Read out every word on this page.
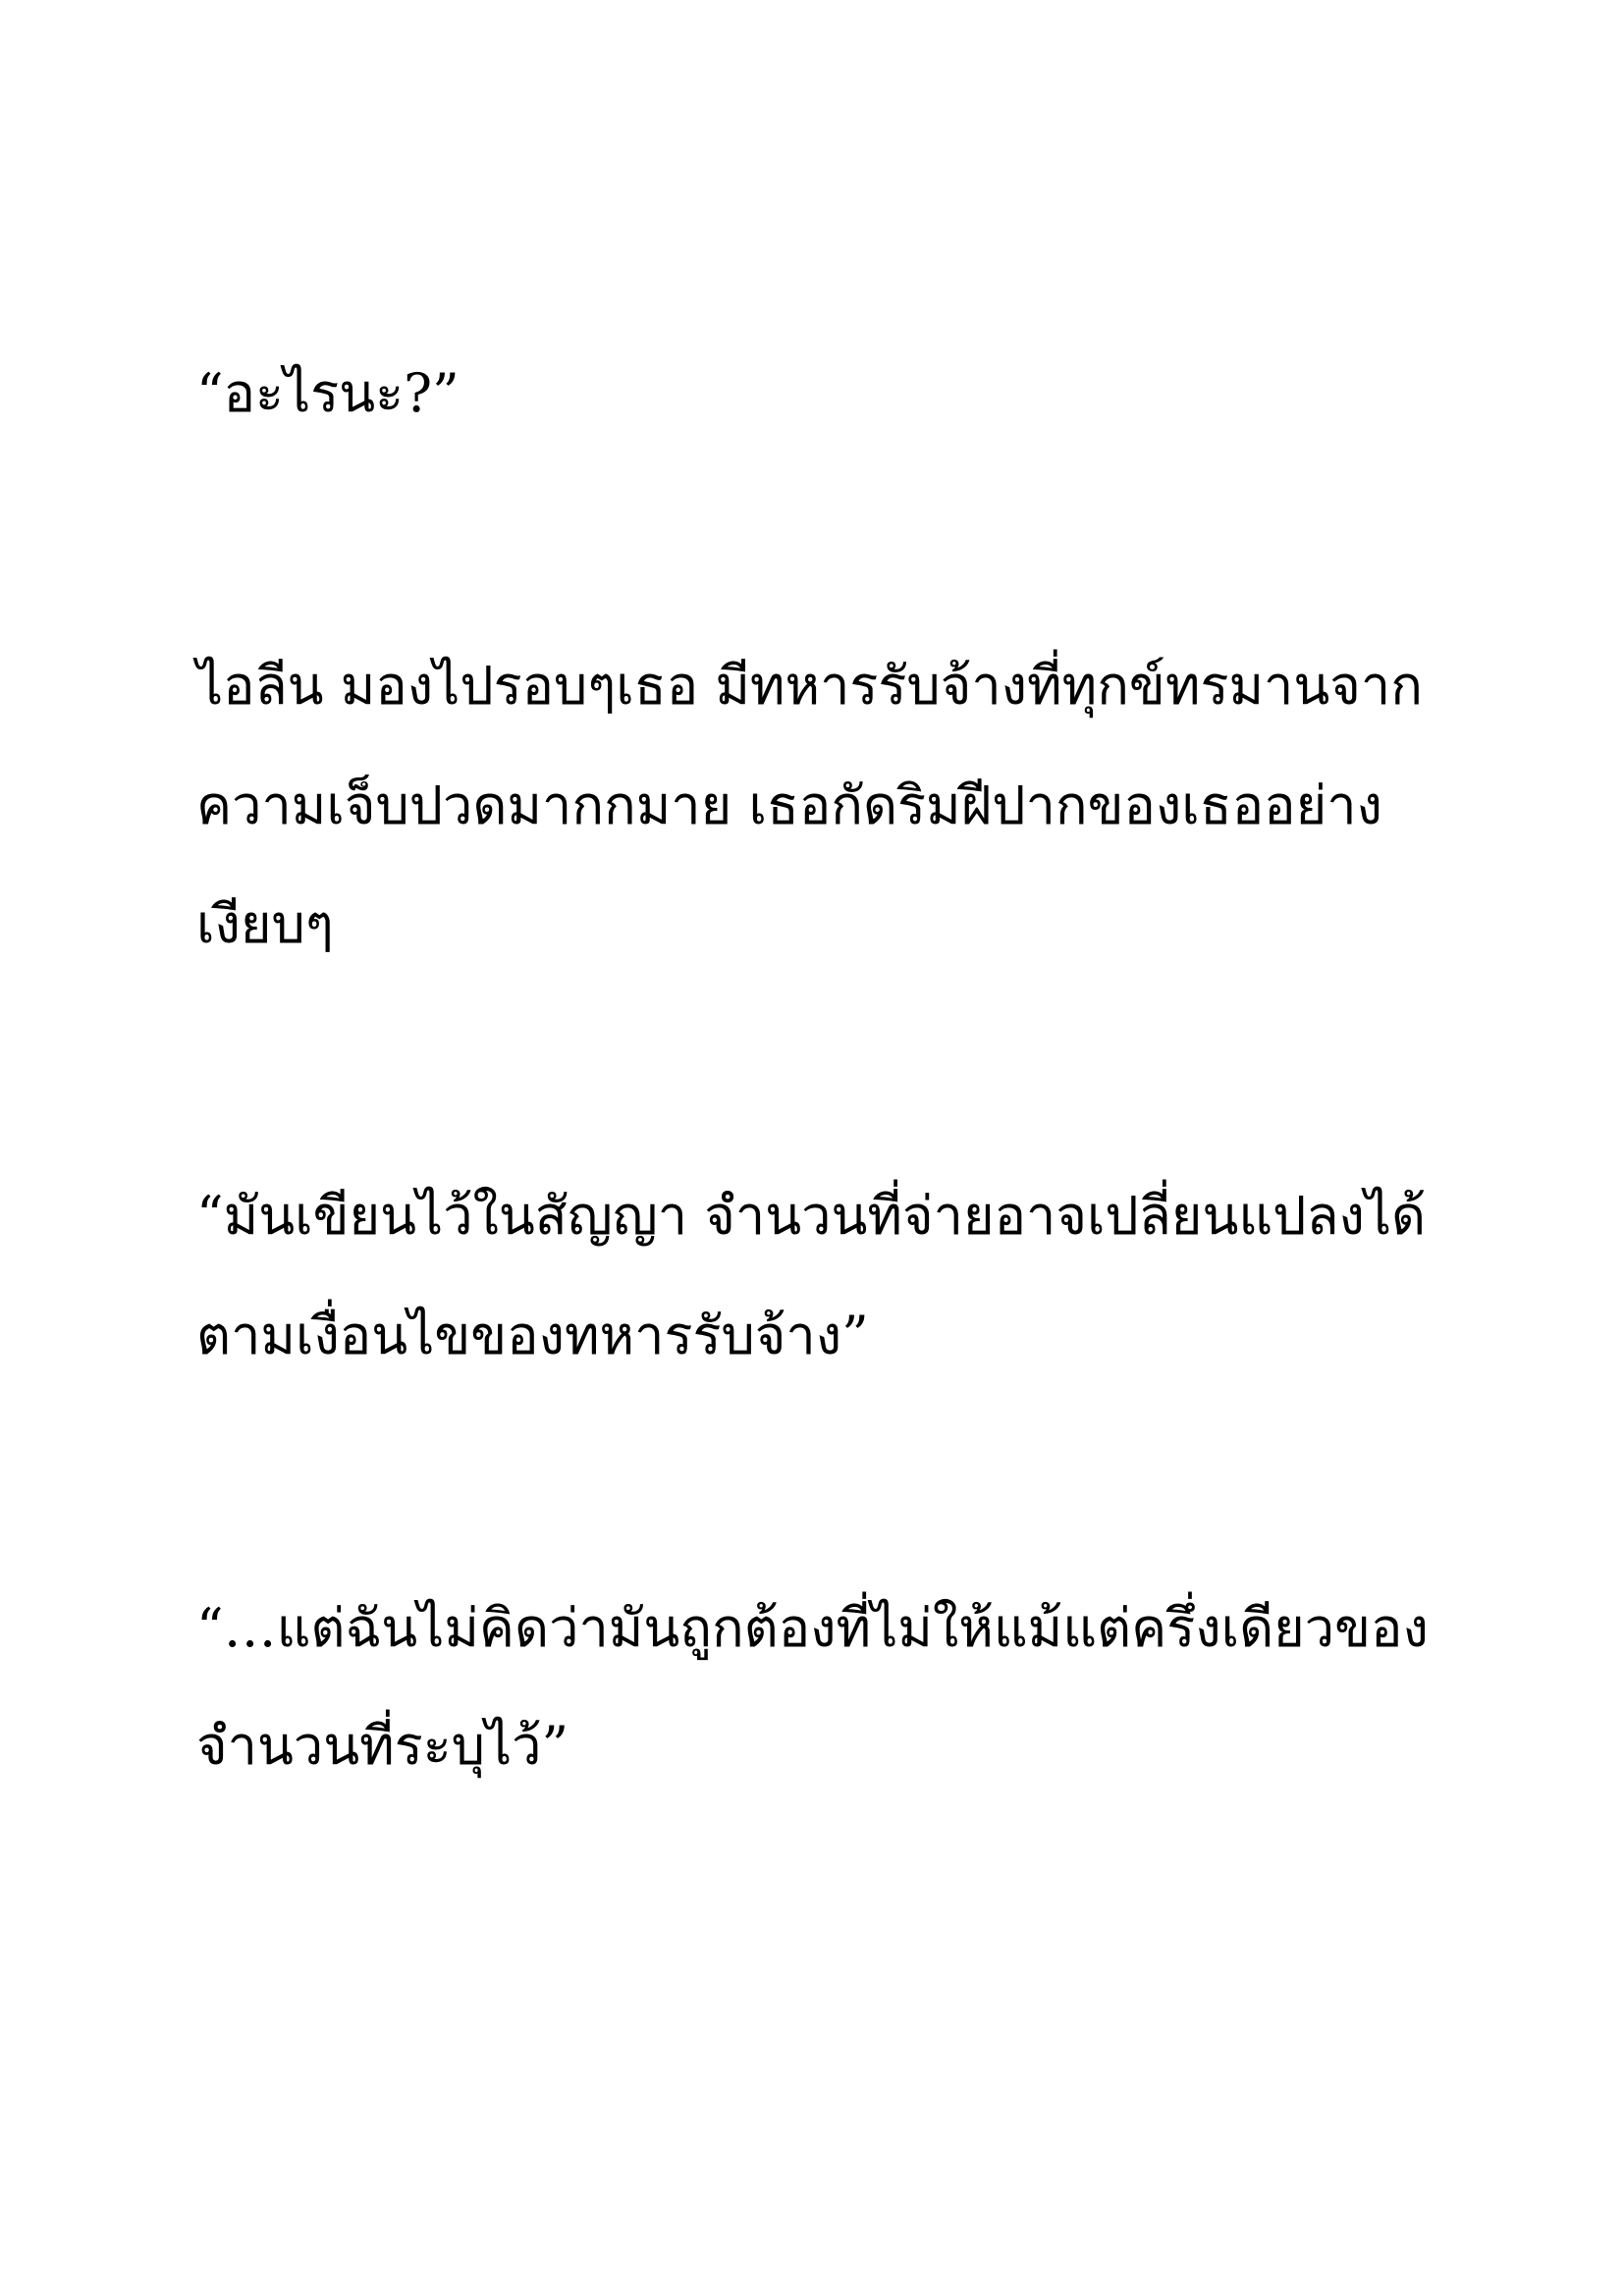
“อะไรนะ?”

ไอลีน มองไปรอบๆเธอ มีทหารรับจ้างที่ทุกข์ทรมานจาก

ความเจ็บปวดมากกมาย เธอกัดริมฝีปากของเธออย่าง

เงียบๆ

“มันเขียนไว้ในสัญญา จำนวนที่จ่ายอาจเปลี่ยนแปลงได้

ตามเงื่อนไขของทหารรับจ้าง”

“…แต่ฉันไม่คิดว่ามันถูกต้องที่ไม่ให้แม้แต่ครึ่งเดียวของ

จำนวนที่ระบุไว้”
